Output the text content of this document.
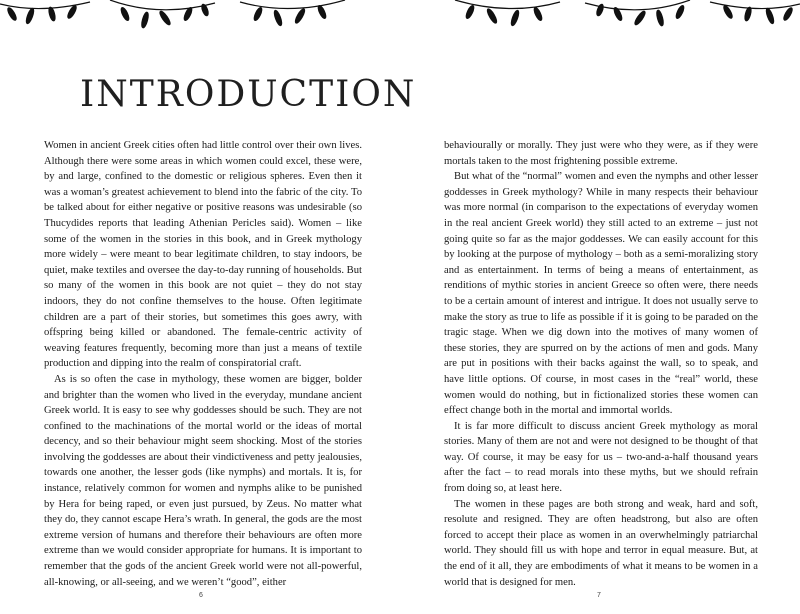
INTRODUCTION

Women in ancient Greek cities often had little control over their own lives. Although there were some areas in which women could excel, these were, by and large, confined to the domestic or religious spheres. Even then it was a woman’s greatest achievement to blend into the fabric of the city. To be talked about for either negative or positive reasons was undesirable (so Thucydides reports that leading Athenian Pericles said). Women – like some of the women in the stories in this book, and in Greek mythology more widely – were meant to bear legitimate children, to stay indoors, be quiet, make textiles and oversee the day-to-day running of households. But so many of the women in this book are not quiet – they do not stay indoors, they do not confine themselves to the house. Often legitimate children are a part of their stories, but sometimes this goes awry, with offspring being killed or abandoned. The female-centric activity of weaving features frequently, becoming more than just a means of textile production and dipping into the realm of conspiratorial craft.

As is so often the case in mythology, these women are bigger, bolder and brighter than the women who lived in the everyday, mundane ancient Greek world. It is easy to see why goddesses should be such. They are not confined to the machinations of the mortal world or the ideas of mortal decency, and so their behaviour might seem shocking. Most of the stories involving the goddesses are about their vindictiveness and petty jealousies, towards one another, the lesser gods (like nymphs) and mortals. It is, for instance, relatively common for women and nymphs alike to be punished by Hera for being raped, or even just pursued, by Zeus. No matter what they do, they cannot escape Hera’s wrath. In general, the gods are the most extreme version of humans and therefore their behaviours are often more extreme than we would consider appropriate for humans. It is important to remember that the gods of the ancient Greek world were not all-powerful, all-knowing, or all-seeing, and we weren’t “good”, either

6

behaviourally or morally. They just were who they were, as if they were mortals taken to the most frightening possible extreme.

But what of the “normal” women and even the nymphs and other lesser goddesses in Greek mythology? While in many respects their behaviour was more normal (in comparison to the expectations of everyday women in the real ancient Greek world) they still acted to an extreme – just not going quite so far as the major goddesses. We can easily account for this by looking at the purpose of mythology – both as a semi-moralizing story and as entertainment. In terms of being a means of entertainment, as renditions of mythic stories in ancient Greece so often were, there needs to be a certain amount of interest and intrigue. It does not usually serve to make the story as true to life as possible if it is going to be paraded on the tragic stage. When we dig down into the motives of many women of these stories, they are spurred on by the actions of men and gods. Many are put in positions with their backs against the wall, so to speak, and have little options. Of course, in most cases in the “real” world, these women would do nothing, but in fictionalized stories these women can effect change both in the mortal and immortal worlds.

It is far more difficult to discuss ancient Greek mythology as moral stories. Many of them are not and were not designed to be thought of that way. Of course, it may be easy for us – two-and-a-half thousand years after the fact – to read morals into these myths, but we should refrain from doing so, at least here.

The women in these pages are both strong and weak, hard and soft, resolute and resigned. They are often headstrong, but also are often forced to accept their place as women in an overwhelmingly patriarchal world. They should fill us with hope and terror in equal measure. But, at the end of it all, they are embodiments of what it means to be women in a world that is designed for men.

7
